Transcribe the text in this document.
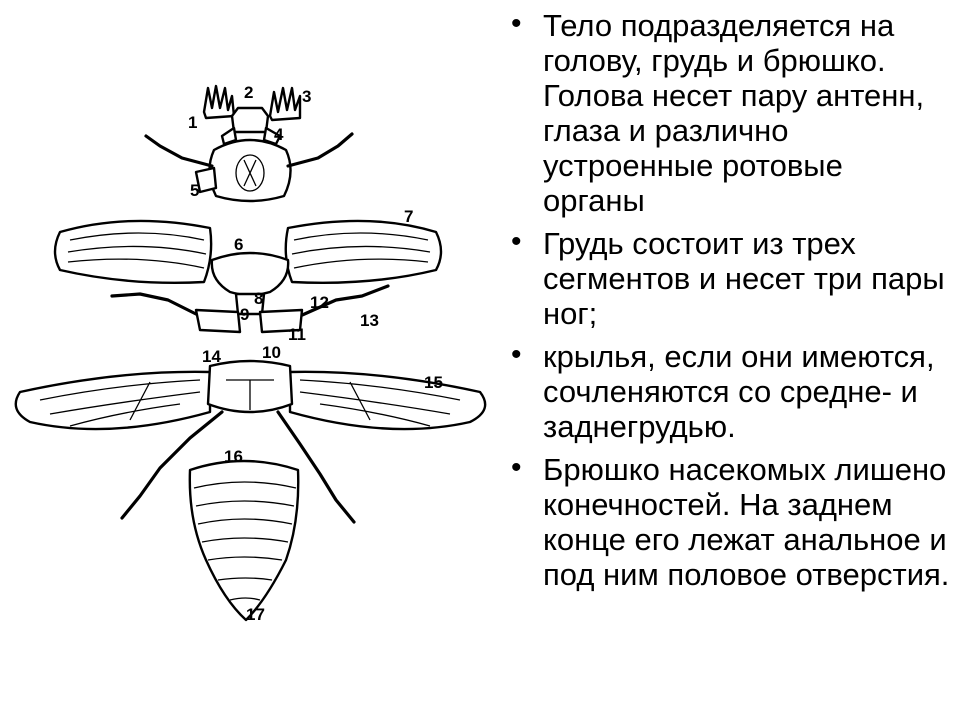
1
2	3
4
5
6
7
8
9
10
11
12
13
14
15
16
17
• Тело подразделяется на голову, грудь и брюшко. Голова несет пару антенн, глаза и различно устроенные ротовые органы
• Грудь состоит из трех сегментов и несет три пары ног;
• крылья, если они имеются, сочленяются со средне- и заднегрудью.
• Брюшко насекомых лишено конечностей. На заднем конце его лежат анальное и под ним половое отверстия.
